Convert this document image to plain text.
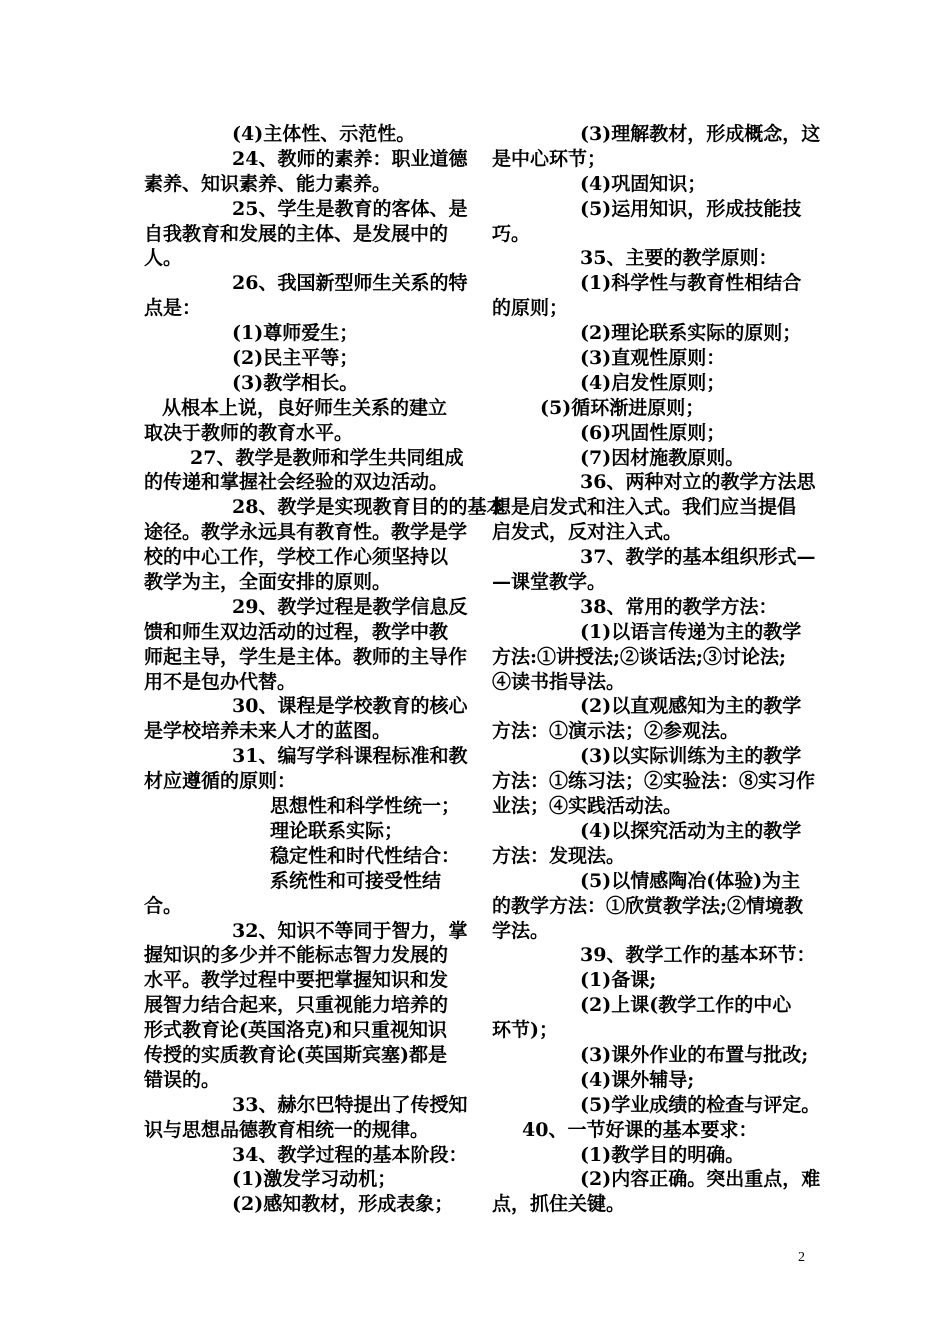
(4)主体性、示范性。
24、教师的素养：职业道德
素养、知识素养、能力素养。
25、学生是教育的客体、是
自我教育和发展的主体、是发展中的
人。
26、我国新型师生关系的特
点是：
(1)尊师爱生；
(2)民主平等；
(3)教学相长。
从根本上说，良好师生关系的建立
取决于教师的教育水平。
27、教学是教师和学生共同组成
的传递和掌握社会经验的双边活动。
28、教学是实现教育目的的基本
途径。教学永远具有教育性。教学是学
校的中心工作，学校工作心须坚持以
教学为主，全面安排的原则。
29、教学过程是教学信息反
馈和师生双边活动的过程，教学中教
师起主导，学生是主体。教师的主导作
用不是包办代替。
30、课程是学校教育的核心
是学校培养未来人才的蓝图。
31、编写学科课程标准和教
材应遵循的原则：
思想性和科学性统一；
理论联系实际；
稳定性和时代性结合：
系统性和可接受性结
合。
32、知识不等同于智力，掌
握知识的多少并不能标志智力发展的
水平。教学过程中要把掌握知识和发
展智力结合起来，只重视能力培养的
形式教育论(英国洛克)和只重视知识
传授的实质教育论(英国斯宾塞)都是
错误的。
33、赫尔巴特提出了传授知
识与思想品德教育相统一的规律。
34、教学过程的基本阶段：
(1)激发学习动机；
(2)感知教材，形成表象；
(3)理解教材，形成概念，这
是中心环节；
(4)巩固知识；
(5)运用知识，形成技能技
巧。
35、主要的教学原则：
(1)科学性与教育性相结合
的原则；
(2)理论联系实际的原则；
(3)直观性原则：
(4)启发性原则；
(5)循环渐进原则；
(6)巩固性原则；
(7)因材施教原则。
36、两种对立的教学方法思
想是启发式和注入式。我们应当提倡
启发式，反对注入式。
37、教学的基本组织形式—
—课堂教学。
38、常用的教学方法：
(1)以语言传递为主的教学
方法:①讲授法;②谈话法;③讨论法;
④读书指导法。
(2)以直观感知为主的教学
方法：①演示法；②参观法。
(3)以实际训练为主的教学
方法：①练习法；②实验法：⑧实习作
业法；④实践活动法。
(4)以探究活动为主的教学
方法：发现法。
(5)以情感陶冶(体验)为主
的教学方法：①欣赏教学法;②情境教
学法。
39、教学工作的基本环节：
(1)备课;
(2)上课(教学工作的中心
环节)；
(3)课外作业的布置与批改;
(4)课外辅导;
(5)学业成绩的检查与评定。
40、一节好课的基本要求：
(1)教学目的明确。
(2)内容正确。突出重点，难
点，抓住关键。
2
